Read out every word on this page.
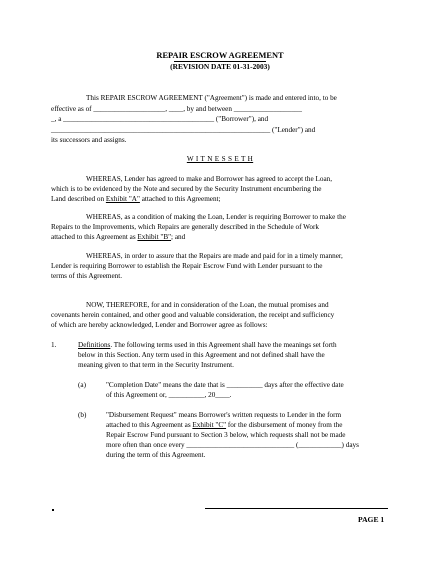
REPAIR ESCROW AGREEMENT
(REVISION DATE 01-31-2003)
This REPAIR ESCROW AGREEMENT ("Agreement") is made and entered into, to be
effective as of ____________________, ____, by and between ___________________
_, a __________________________________________ ("Borrower"), and
_____________________________________________________________ ("Lender") and
its successors and assigns.
W I T N E S S E T H
WHEREAS, Lender has agreed to make and Borrower has agreed to accept the Loan,
which is to be evidenced by the Note and secured by the Security Instrument encumbering the
Land described on Exhibit "A" attached to this Agreement;
WHEREAS, as a condition of making the Loan, Lender is requiring Borrower to make the
Repairs to the Improvements, which Repairs are generally described in the Schedule of Work
attached to this Agreement as Exhibit "B"; and
WHEREAS, in order to assure that the Repairs are made and paid for in a timely manner,
Lender is requiring Borrower to establish the Repair Escrow Fund with Lender pursuant to the
terms of this Agreement.
NOW, THEREFORE, for and in consideration of the Loan, the mutual promises and
covenants herein contained, and other good and valuable consideration, the receipt and sufficiency
of which are hereby acknowledged, Lender and Borrower agree as follows:
1.	Definitions. The following terms used in this Agreement shall have the meanings set forth
below in this Section. Any term used in this Agreement and not defined shall have the
meaning given to that term in the Security Instrument.
(a)	"Completion Date" means the date that is __________ days after the effective date
of this Agreement or, __________, 20____.
(b)	"Disbursement Request" means Borrower's written requests to Lender in the form
attached to this Agreement as Exhibit "C" for the disbursement of money from the
Repair Escrow Fund pursuant to Section 3 below, which requests shall not be made
more often than once every ______________________________ (____________) days
during the term of this Agreement.
PAGE 1
